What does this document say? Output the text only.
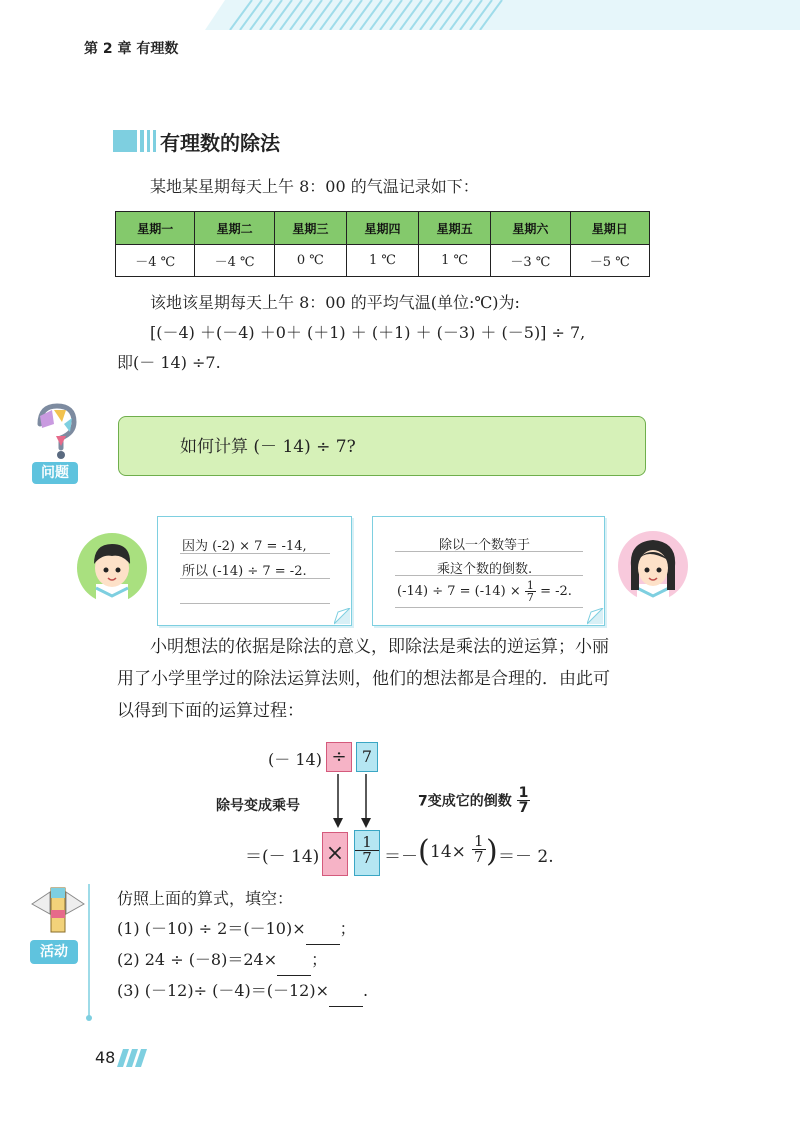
第 2 章 有理数
有理数的除法
某地某星期每天上午 8：00 的气温记录如下：
星期一	星期二	星期三	星期四	星期五	星期六	星期日
－4 ℃	－4 ℃	0 ℃	1 ℃	1 ℃	－3 ℃	－5 ℃
该地该星期每天上午 8：00 的平均气温(单位:℃)为:
[(－4) ＋(－4) ＋0＋ (＋1) ＋ (＋1) ＋ (－3) ＋ (－5)] ÷ 7,
即(－ 14) ÷7.
问题
如何计算 (－ 14) ÷ 7?
因为 (-2) × 7 = -14,
所以 (-14) ÷ 7 = -2.
除以一个数等于
乘这个数的倒数.
$(-14) \div 7 = (-14) \times \frac{1}{7} = -2$.
小明想法的依据是除法的意义，即除法是乘法的逆运算；小丽
用了小学里学过的除法运算法则，他们的想法都是合理的．由此可
以得到下面的运算过程：
(－ 14) ÷ 7
除号变成乘号	7变成它的倒数 $\frac{1}{7}$
＝(－ 14) ×	1
7 ＝－ ( $14\times \frac{1}{7}$ ) ＝－ 2.
活动
仿照上面的算式，填空：
(1) (－10) ÷ 2＝(－10)× ；
(2) 24 ÷ (－8)＝24× ；
(3) (－12)÷ (－4)＝(－12)× .
48
